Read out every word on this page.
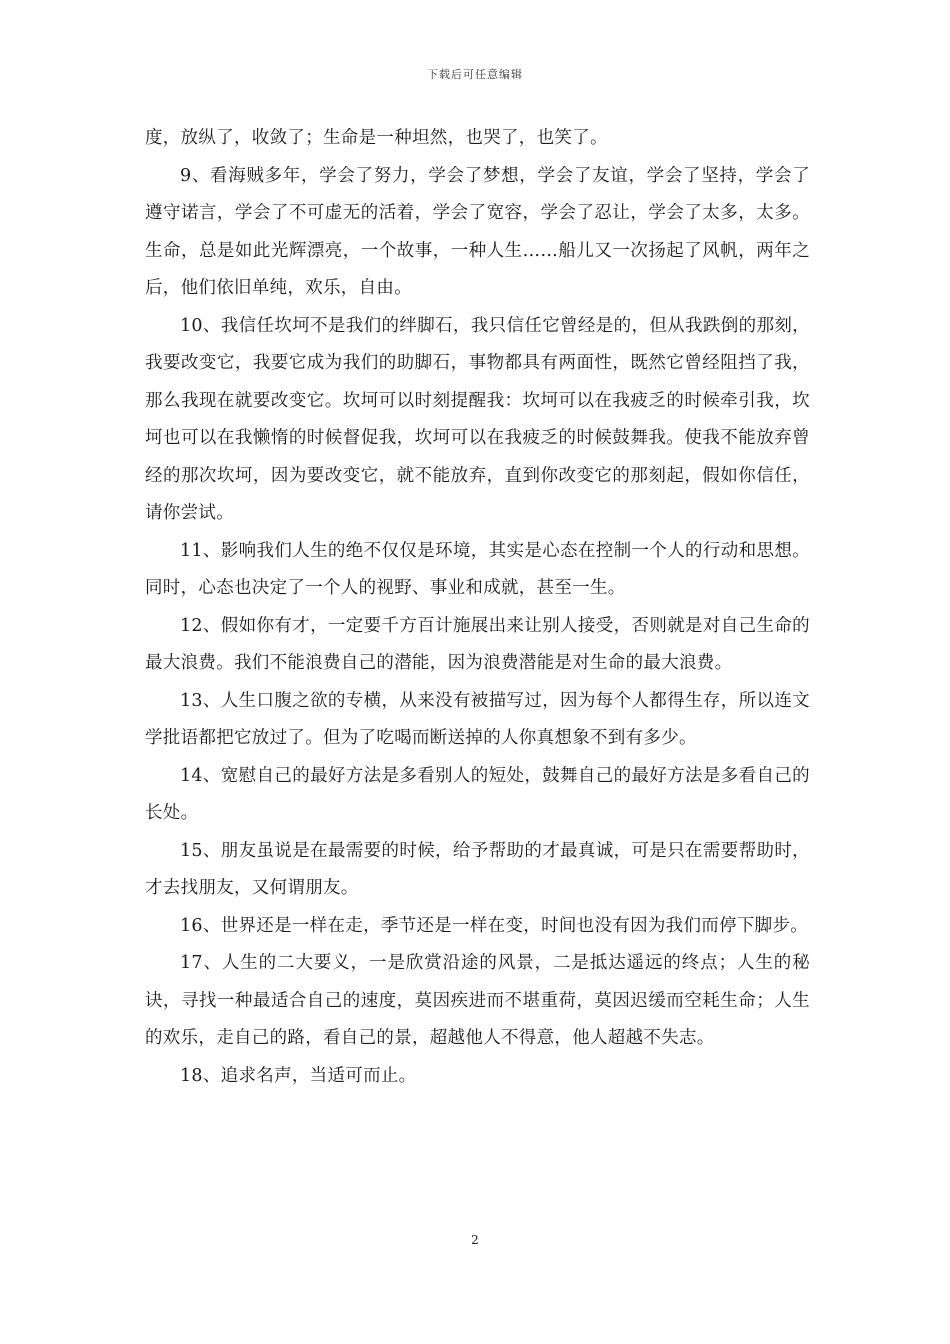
下载后可任意编辑

度，放纵了，收敛了；生命是一种坦然，也哭了，也笑了。

9、看海贼多年，学会了努力，学会了梦想，学会了友谊，学会了坚持，学会了遵守诺言，学会了不可虚无的活着，学会了宽容，学会了忍让，学会了太多，太多。生命，总是如此光辉漂亮，一个故事，一种人生……船儿又一次扬起了风帆，两年之后，他们依旧单纯，欢乐，自由。

10、我信任坎坷不是我们的绊脚石，我只信任它曾经是的，但从我跌倒的那刻，我要改变它，我要它成为我们的助脚石，事物都具有两面性，既然它曾经阻挡了我，那么我现在就要改变它。坎坷可以时刻提醒我：坎坷可以在我疲乏的时候牵引我，坎坷也可以在我懒惰的时候督促我，坎坷可以在我疲乏的时候鼓舞我。使我不能放弃曾经的那次坎坷，因为要改变它，就不能放弃，直到你改变它的那刻起，假如你信任，请你尝试。

11、影响我们人生的绝不仅仅是环境，其实是心态在控制一个人的行动和思想。同时，心态也决定了一个人的视野、事业和成就，甚至一生。

12、假如你有才，一定要千方百计施展出来让别人接受，否则就是对自己生命的最大浪费。我们不能浪费自己的潜能，因为浪费潜能是对生命的最大浪费。

13、人生口腹之欲的专横，从来没有被描写过，因为每个人都得生存，所以连文学批语都把它放过了。但为了吃喝而断送掉的人你真想象不到有多少。

14、宽慰自己的最好方法是多看别人的短处，鼓舞自己的最好方法是多看自己的长处。

15、朋友虽说是在最需要的时候，给予帮助的才最真诚，可是只在需要帮助时，才去找朋友，又何谓朋友。

16、世界还是一样在走，季节还是一样在变，时间也没有因为我们而停下脚步。

17、人生的二大要义，一是欣赏沿途的风景，二是抵达遥远的终点；人生的秘诀，寻找一种最适合自己的速度，莫因疾进而不堪重荷，莫因迟缓而空耗生命；人生的欢乐，走自己的路，看自己的景，超越他人不得意，他人超越不失志。

18、追求名声，当适可而止。

2
